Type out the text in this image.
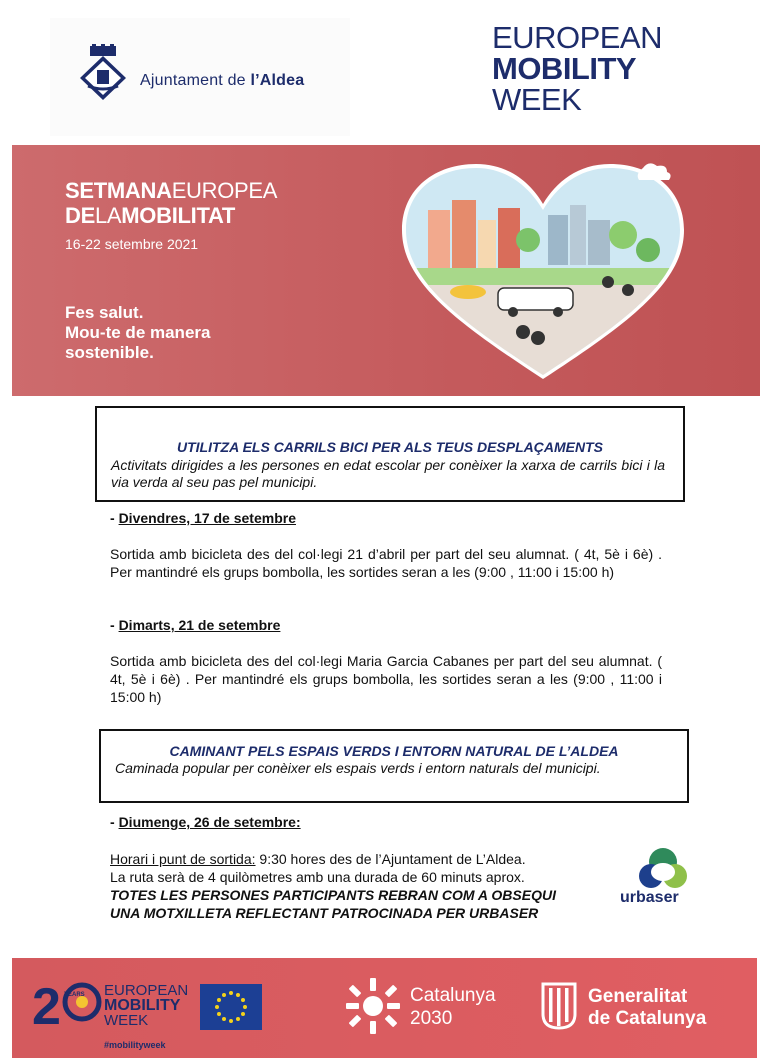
Ajuntament de l’Aldea
EUROPEAN
MOBILITY
WEEK
SETMANAEUROPEA
DELAMOBILITAT
16-22 setembre 2021
Fes salut.
Mou-te de manera
sostenible.
UTILITZA ELS CARRILS BICI PER ALS TEUS DESPLAÇAMENTS
Activitats dirigides a les persones en edat escolar per conèixer la xarxa de carrils bici i la via verda al seu pas pel municipi.
- Divendres, 17 de setembre
Sortida amb bicicleta des del col·legi 21 d’abril per part del seu alumnat. ( 4t, 5è i 6è) . Per mantindré els grups bombolla, les sortides seran a les (9:00 , 11:00 i 15:00 h)
- Dimarts, 21 de setembre
Sortida amb bicicleta des del col·legi Maria Garcia Cabanes per part del seu alumnat. ( 4t, 5è i 6è) . Per mantindré els grups bombolla, les sortides seran a les (9:00 , 11:00 i 15:00 h)
CAMINANT PELS ESPAIS VERDS I ENTORN NATURAL DE L’ALDEA
Caminada popular per conèixer els espais verds i entorn naturals del municipi.
- Diumenge, 26 de setembre:
Horari i punt de sortida: 9:30 hores des de l’Ajuntament de L’Aldea.
La ruta serà de 4 quilòmetres amb una durada de 60 minuts aprox.
TOTES LES PERSONES PARTICIPANTS REBRAN COM A OBSEQUI
UNA MOTXILLETA REFLECTANT PATROCINADA PER URBASER
urbaser
2 YEARS EUROPEAN
MOBILITY
WEEK
#mobilityweek
Catalunya
2030
Generalitat
de Catalunya
